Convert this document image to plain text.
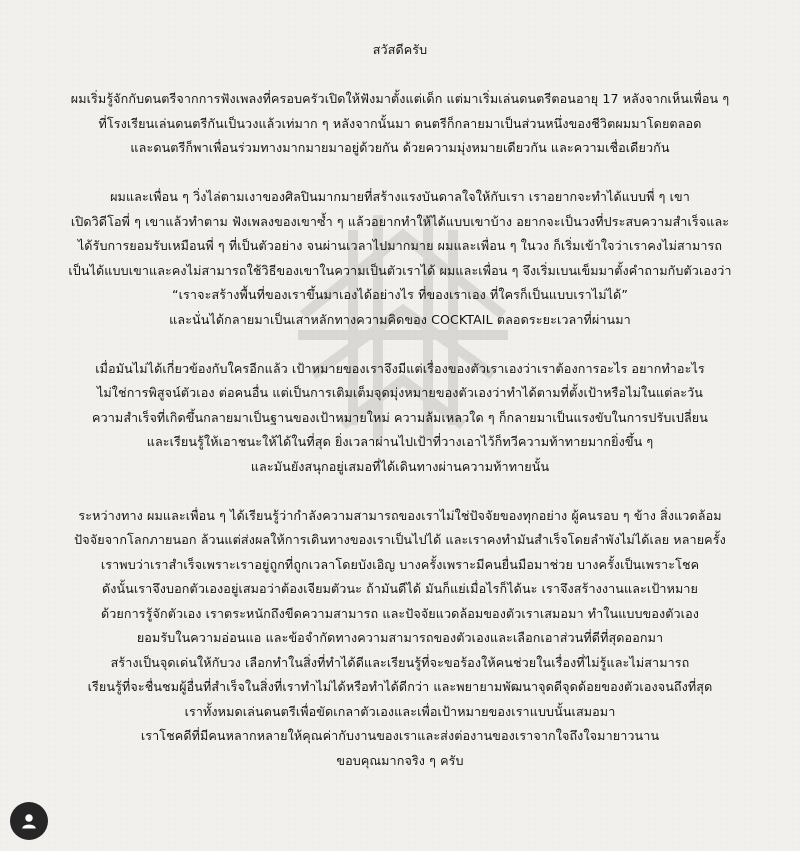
สวัสดีครับ
ผมเริ่มรู้จักกับดนตรีจากการฟังเพลงที่ครอบครัวเปิดให้ฟังมาตั้งแต่เด็ก แต่มาเริ่มเล่นดนตรีตอนอายุ 17 หลังจากเห็นเพื่อน ๆ
ที่โรงเรียนเล่นดนตรีกันเป็นวงแล้วเท่มาก ๆ หลังจากนั้นมา ดนตรีก็กลายมาเป็นส่วนหนึ่งของชีวิตผมมาโดยตลอด
และดนตรีก็พาเพื่อนร่วมทางมากมายมาอยู่ด้วยกัน ด้วยความมุ่งหมายเดียวกัน และความเชื่อเดียวกัน
ผมและเพื่อน ๆ วิ่งไล่ตามเงาของศิลปินมากมายที่สร้างแรงบันดาลใจให้กับเรา เราอยากจะทำได้แบบพี่ ๆ เขา
เปิดวิดีโอพี่ ๆ เขาแล้วทำตาม ฟังเพลงของเขาซ้ำ ๆ แล้วอยากทำให้ได้แบบเขาบ้าง อยากจะเป็นวงที่ประสบความสำเร็จและ
ได้รับการยอมรับเหมือนพี่ ๆ ที่เป็นตัวอย่าง จนผ่านเวลาไปมากมาย ผมและเพื่อน ๆ ในวง ก็เริ่มเข้าใจว่าเราคงไม่สามารถ
เป็นได้แบบเขาและคงไม่สามารถใช้วิธีของเขาในความเป็นตัวเราได้ ผมและเพื่อน ๆ จึงเริ่มเบนเข็มมาตั้งคำถามกับตัวเองว่า
“เราจะสร้างพื้นที่ของเราขึ้นมาเองได้อย่างไร ที่ของเราเอง ที่ใครก็เป็นแบบเราไม่ได้”
และนั่นได้กลายมาเป็นเสาหลักทางความคิดของ COCKTAIL ตลอดระยะเวลาที่ผ่านมา
เมื่อมันไม่ได้เกี่ยวข้องกับใครอีกแล้ว เป้าหมายของเราจึงมีแต่เรื่องของตัวเราเองว่าเราต้องการอะไร อยากทำอะไร
ไม่ใช่การพิสูจน์ตัวเอง ต่อคนอื่น แต่เป็นการเติมเต็มจุดมุ่งหมายของตัวเองว่าทำได้ตามที่ตั้งเป้าหรือไม่ในแต่ละวัน
ความสำเร็จที่เกิดขึ้นกลายมาเป็นฐานของเป้าหมายใหม่ ความล้มเหลวใด ๆ ก็กลายมาเป็นแรงขับในการปรับเปลี่ยน
และเรียนรู้ให้เอาชนะให้ได้ในที่สุด ยิ่งเวลาผ่านไปเป้าที่วางเอาไว้ก็ทวีความท้าทายมากยิ่งขึ้น ๆ
และมันยังสนุกอยู่เสมอที่ได้เดินทางผ่านความท้าทายนั้น
ระหว่างทาง ผมและเพื่อน ๆ ได้เรียนรู้ว่ากำลังความสามารถของเราไม่ใช่ปัจจัยของทุกอย่าง ผู้คนรอบ ๆ ข้าง สิ่งแวดล้อม
ปัจจัยจากโลกภายนอก ล้วนแต่ส่งผลให้การเดินทางของเราเป็นไปได้ และเราคงทำมันสำเร็จโดยลำพังไม่ได้เลย หลายครั้ง
เราพบว่าเราสำเร็จเพราะเราอยู่ถูกที่ถูกเวลาโดยบังเอิญ บางครั้งเพราะมีคนยื่นมือมาช่วย บางครั้งเป็นเพราะโชค
ดังนั้นเราจึงบอกตัวเองอยู่เสมอว่าต้องเจียมตัวนะ ถ้ามันดีได้ มันก็แย่เมื่อไรก็ได้นะ เราจึงสร้างงานและเป้าหมาย
ด้วยการรู้จักตัวเอง เราตระหนักถึงขีดความสามารถ และปัจจัยแวดล้อมของตัวเราเสมอมา ทำในแบบของตัวเอง
ยอมรับในความอ่อนแอ และข้อจำกัดทางความสามารถของตัวเองและเลือกเอาส่วนที่ดีที่สุดออกมา
สร้างเป็นจุดเด่นให้กับวง เลือกทำในสิ่งที่ทำได้ดีและเรียนรู้ที่จะขอร้องให้คนช่วยในเรื่องที่ไม่รู้และไม่สามารถ
เรียนรู้ที่จะชื่นชมผู้อื่นที่สำเร็จในสิ่งที่เราทำไม่ได้หรือทำได้ดีกว่า และพยายามพัฒนาจุดดีจุดด้อยของตัวเองจนถึงที่สุด
เราทั้งหมดเล่นดนตรีเพื่อขัดเกลาตัวเองและเพื่อเป้าหมายของเราแบบนั้นเสมอมา
เราโชคดีที่มีคนหลากหลายให้คุณค่ากับงานของเราและส่งต่องานของเราจากใจถึงใจมายาวนาน
ขอบคุณมากจริง ๆ ครับ
